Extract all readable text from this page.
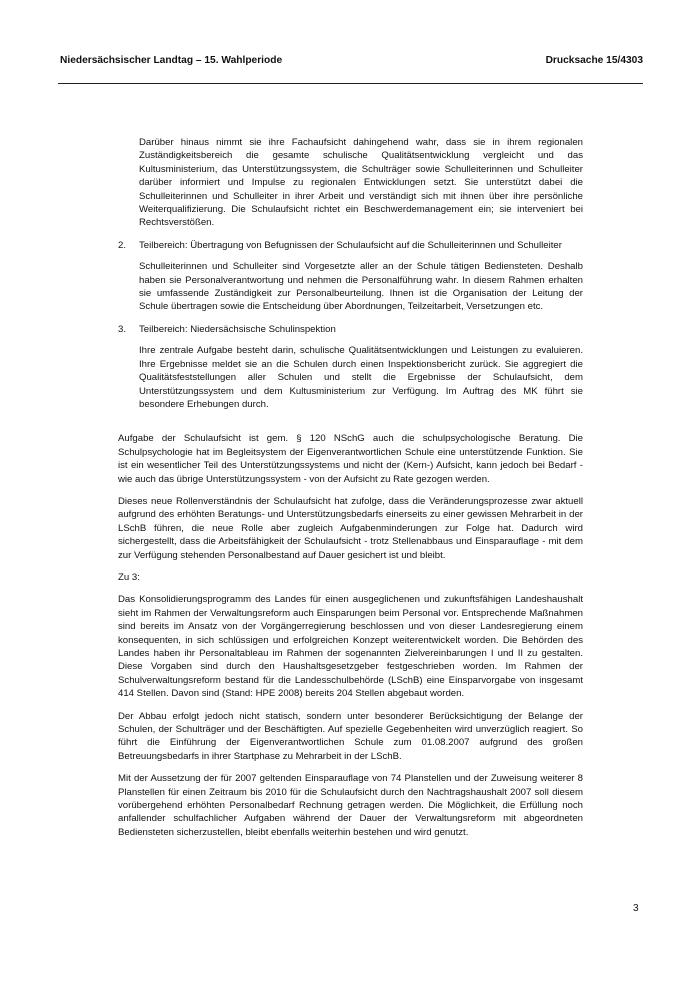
Niedersächsischer Landtag – 15. Wahlperiode	Drucksache 15/4303

Darüber hinaus nimmt sie ihre Fachaufsicht dahingehend wahr, dass sie in ihrem regionalen Zuständigkeitsbereich die gesamte schulische Qualitätsentwicklung vergleicht und das Kultusministerium, das Unterstützungssystem, die Schulträger sowie Schulleiterinnen und Schulleiter darüber informiert und Impulse zu regionalen Entwicklungen setzt. Sie unterstützt dabei die Schulleiterinnen und Schulleiter in ihrer Arbeit und verständigt sich mit ihnen über ihre persönliche Weiterqualifizierung. Die Schulaufsicht richtet ein Beschwerdemanagement ein; sie interveniert bei Rechtsverstößen.

2.	Teilbereich: Übertragung von Befugnissen der Schulaufsicht auf die Schulleiterinnen und Schulleiter

Schulleiterinnen und Schulleiter sind Vorgesetzte aller an der Schule tätigen Bediensteten. Deshalb haben sie Personalverantwortung und nehmen die Personalführung wahr. In diesem Rahmen erhalten sie umfassende Zuständigkeit zur Personalbeurteilung. Ihnen ist die Organisation der Leitung der Schule übertragen sowie die Entscheidung über Abordnungen, Teilzeitarbeit, Versetzungen etc.

3.	Teilbereich: Niedersächsische Schulinspektion

Ihre zentrale Aufgabe besteht darin, schulische Qualitätsentwicklungen und Leistungen zu evaluieren. Ihre Ergebnisse meldet sie an die Schulen durch einen Inspektionsbericht zurück. Sie aggregiert die Qualitätsfeststellungen aller Schulen und stellt die Ergebnisse der Schulaufsicht, dem Unterstützungssystem und dem Kultusministerium zur Verfügung. Im Auftrag des MK führt sie besondere Erhebungen durch.

Aufgabe der Schulaufsicht ist gem. § 120 NSchG auch die schulpsychologische Beratung. Die Schulpsychologie hat im Begleitsystem der Eigenverantwortlichen Schule eine unterstützende Funktion. Sie ist ein wesentlicher Teil des Unterstützungssystems und nicht der (Kern-) Aufsicht, kann jedoch bei Bedarf - wie auch das übrige Unterstützungssystem - von der Aufsicht zu Rate gezogen werden.

Dieses neue Rollenverständnis der Schulaufsicht hat zufolge, dass die Veränderungsprozesse zwar aktuell aufgrund des erhöhten Beratungs- und Unterstützungsbedarfs einerseits zu einer gewissen Mehrarbeit in der LSchB führen, die neue Rolle aber zugleich Aufgabenminderungen zur Folge hat. Dadurch wird sichergestellt, dass die Arbeitsfähigkeit der Schulaufsicht - trotz Stellenabbaus und Einsparauflage - mit dem zur Verfügung stehenden Personalbestand auf Dauer gesichert ist und bleibt.

Zu 3:

Das Konsolidierungsprogramm des Landes für einen ausgeglichenen und zukunftsfähigen Landeshaushalt sieht im Rahmen der Verwaltungsreform auch Einsparungen beim Personal vor. Entsprechende Maßnahmen sind bereits im Ansatz von der Vorgängerregierung beschlossen und von dieser Landesregierung einem konsequenten, in sich schlüssigen und erfolgreichen Konzept weiterentwickelt worden. Die Behörden des Landes haben ihr Personaltableau im Rahmen der sogenannten Zielvereinbarungen I und II zu gestalten. Diese Vorgaben sind durch den Haushaltsgesetzgeber festgeschrieben worden. Im Rahmen der Schulverwaltungsreform bestand für die Landesschulbehörde (LSchB) eine Einsparvorgabe von insgesamt 414 Stellen. Davon sind (Stand: HPE 2008) bereits 204 Stellen abgebaut worden.

Der Abbau erfolgt jedoch nicht statisch, sondern unter besonderer Berücksichtigung der Belange der Schulen, der Schulträger und der Beschäftigten. Auf spezielle Gegebenheiten wird unverzüglich reagiert. So führt die Einführung der Eigenverantwortlichen Schule zum 01.08.2007 aufgrund des großen Betreuungsbedarfs in ihrer Startphase zu Mehrarbeit in der LSchB.

Mit der Aussetzung der für 2007 geltenden Einsparauflage von 74 Planstellen und der Zuweisung weiterer 8 Planstellen für einen Zeitraum bis 2010 für die Schulaufsicht durch den Nachtragshaushalt 2007 soll diesem vorübergehend erhöhten Personalbedarf Rechnung getragen werden. Die Möglichkeit, die Erfüllung noch anfallender schulfachlicher Aufgaben während der Dauer der Verwaltungsreform mit abgeordneten Bediensteten sicherzustellen, bleibt ebenfalls weiterhin bestehen und wird genutzt.

3
